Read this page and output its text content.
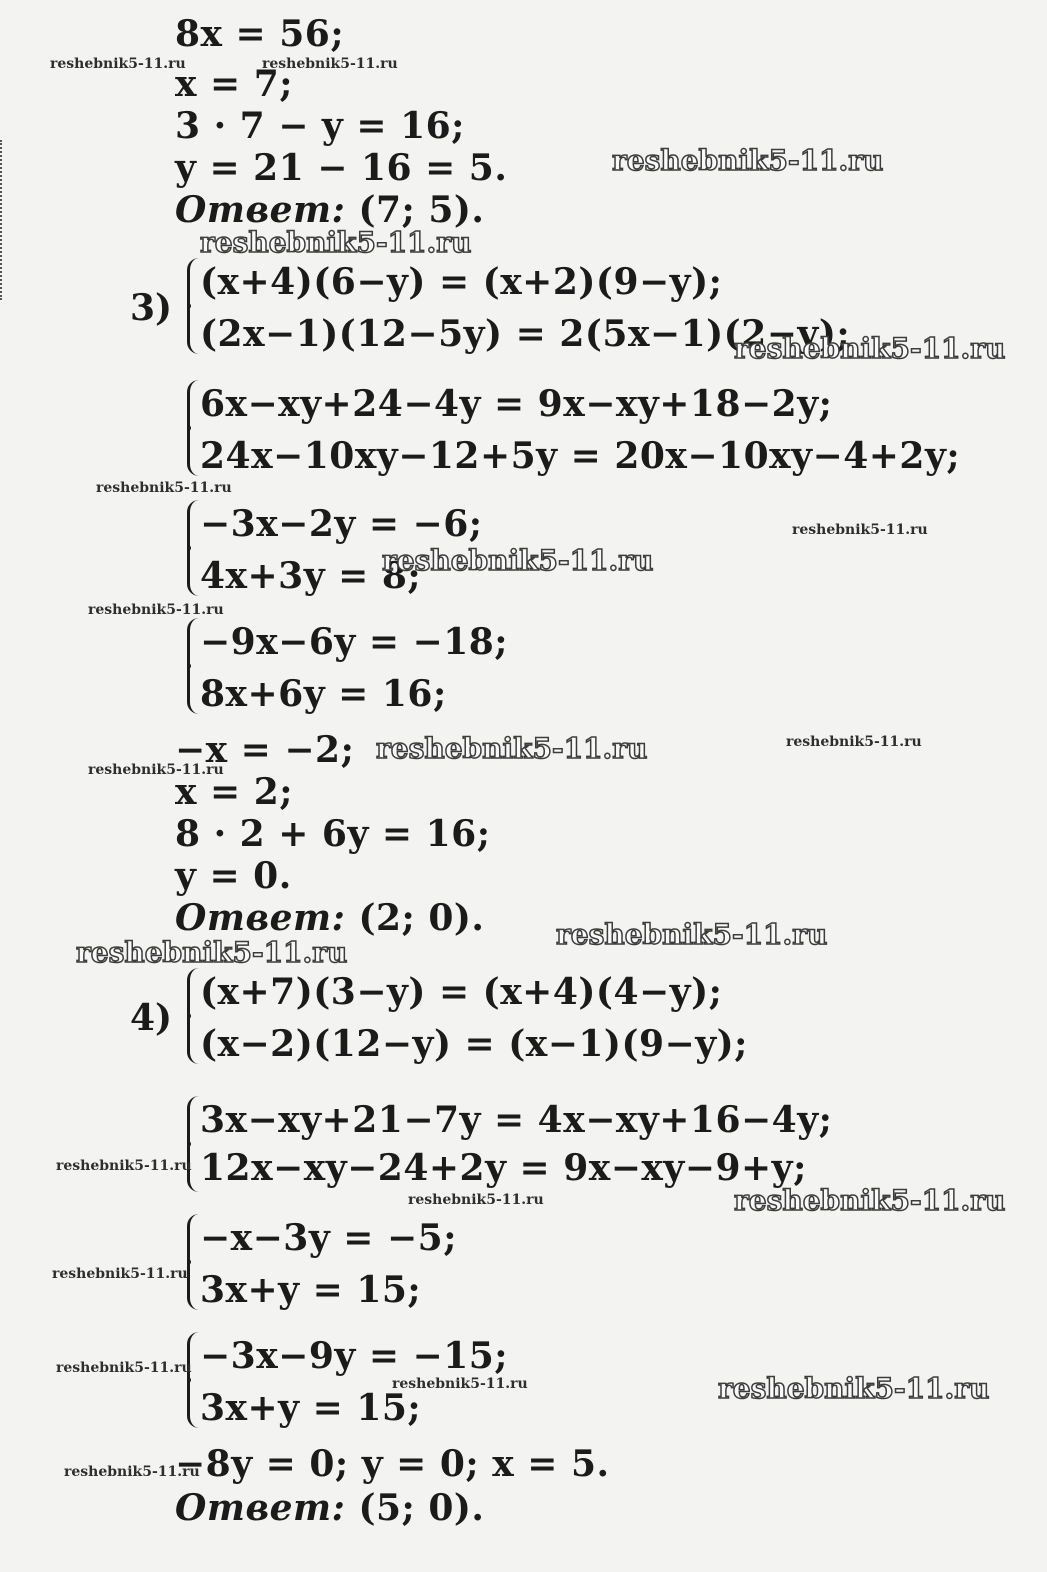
8x = 56;
x = 7;
3 · 7 − y = 16;
y = 21 − 16 = 5.
Ответ: (7; 5).
3)
(x+4)(6−y) = (x+2)(9−y);
(2x−1)(12−5y) = 2(5x−1)(2−y);
6x−xy+24−4y = 9x−xy+18−2y;
24x−10xy−12+5y = 20x−10xy−4+2y;
−3x−2y = −6;
4x+3y = 8;
−9x−6y = −18;
8x+6y = 16;
−x = −2;
x = 2;
8 · 2 + 6y = 16;
y = 0.
Ответ: (2; 0).
4)
(x+7)(3−y) = (x+4)(4−y);
(x−2)(12−y) = (x−1)(9−y);
3x−xy+21−7y = 4x−xy+16−4y;
12x−xy−24+2y = 9x−xy−9+y;
−x−3y = −5;
3x+y = 15;
−3x−9y = −15;
3x+y = 15;
−8y = 0; y = 0; x = 5.
Ответ: (5; 0).
reshebnik5-11.ru	reshebnik5-11.ru
reshebnik5-11.ru
reshebnik5-11.ru
reshebnik5-11.ru
reshebnik5-11.ru
reshebnik5-11.ru
reshebnik5-11.ru
reshebnik5-11.ru
reshebnik5-11.ru	reshebnik5-11.ru
reshebnik5-11.ru
reshebnik5-11.ru
reshebnik5-11.ru
reshebnik5-11.ru
reshebnik5-11.ru	reshebnik5-11.ru
reshebnik5-11.ru
reshebnik5-11.ru
reshebnik5-11.ru	reshebnik5-11.ru
reshebnik5-11.ru
